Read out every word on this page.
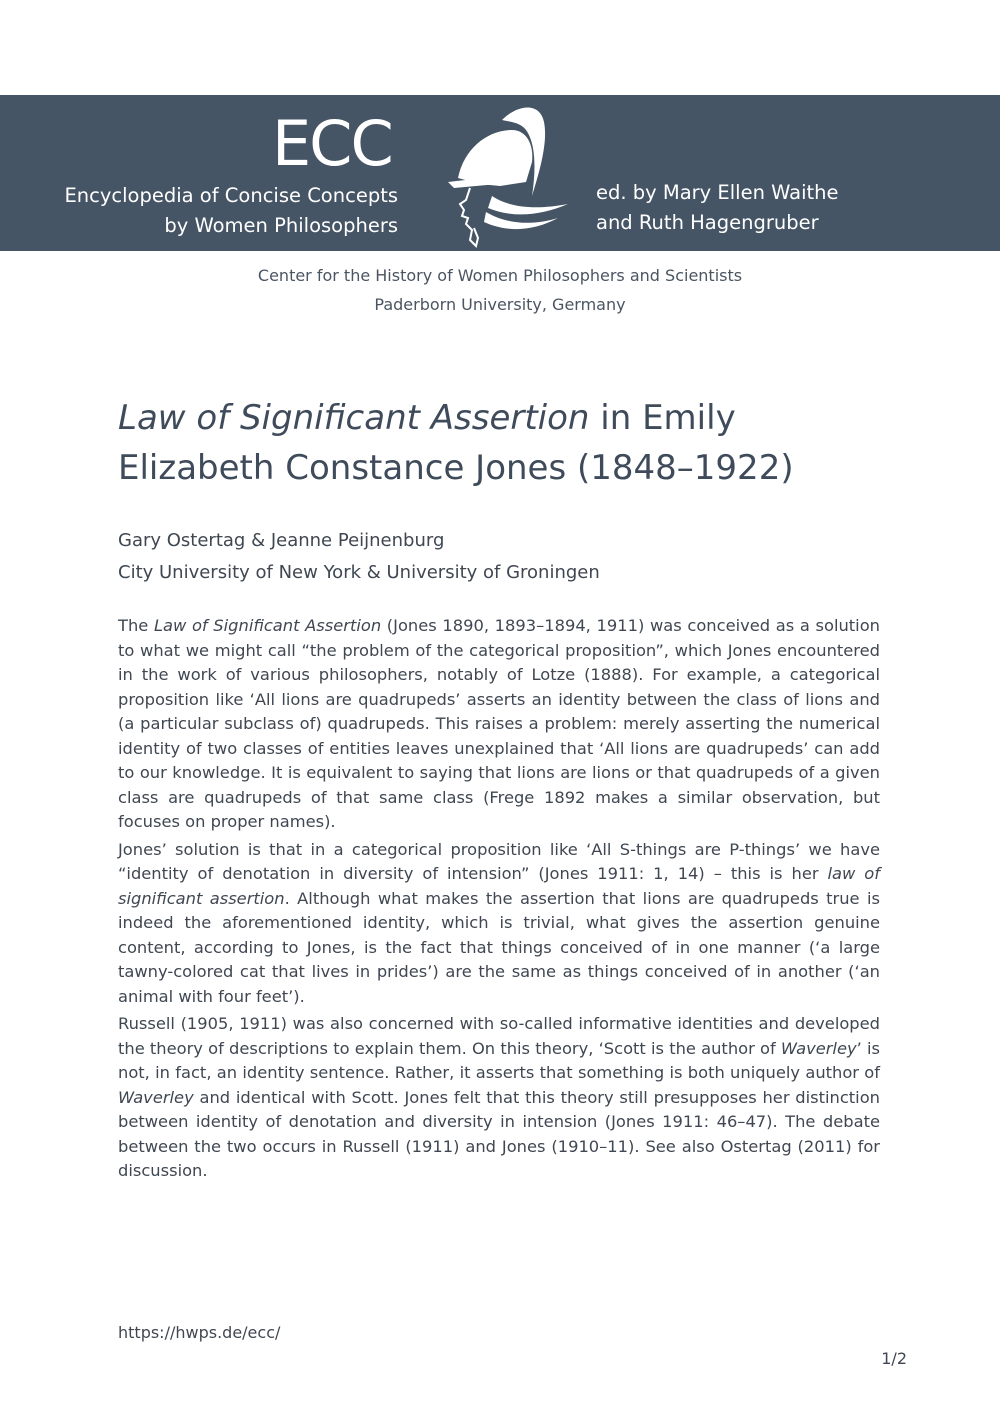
ECC
Encyclopedia of Concise Concepts
by Women Philosophers
ed. by Mary Ellen Waithe
and Ruth Hagengruber
Center for the History of Women Philosophers and Scientists
Paderborn University, Germany
Law of Significant Assertion in Emily Elizabeth Constance Jones (1848–1922)
Gary Ostertag & Jeanne Peijnenburg
City University of New York & University of Groningen

The Law of Significant Assertion (Jones 1890, 1893–1894, 1911) was conceived as a solution to what we might call “the problem of the categorical proposition”, which Jones encountered in the work of various philosophers, notably of Lotze (1888). For example, a categorical proposition like ‘All lions are quadrupeds’ asserts an identity between the class of lions and (a particular subclass of) quadrupeds. This raises a problem: merely asserting the numerical identity of two classes of entities leaves unexplained that ‘All lions are quadrupeds’ can add to our knowledge. It is equivalent to saying that lions are lions or that quadrupeds of a given class are quadrupeds of that same class (Frege 1892 makes a similar observation, but focuses on proper names).

Jones’ solution is that in a categorical proposition like ‘All S-things are P-things’ we have “identity of denotation in diversity of intension” (Jones 1911: 1, 14) – this is her law of significant assertion. Although what makes the assertion that lions are quadrupeds true is indeed the aforementioned identity, which is trivial, what gives the assertion genuine content, according to Jones, is the fact that things conceived of in one manner (‘a large tawny-colored cat that lives in prides’) are the same as things conceived of in another (‘an animal with four feet’).

Russell (1905, 1911) was also concerned with so-called informative identities and developed the theory of descriptions to explain them. On this theory, ‘Scott is the author of Waverley’ is not, in fact, an identity sentence. Rather, it asserts that something is both uniquely author of Waverley and identical with Scott. Jones felt that this theory still presupposes her distinction between identity of denotation and diversity in intension (Jones 1911: 46–47). The debate between the two occurs in Russell (1911) and Jones (1910–11). See also Ostertag (2011) for discussion.

https://hwps.de/ecc/
1/2
